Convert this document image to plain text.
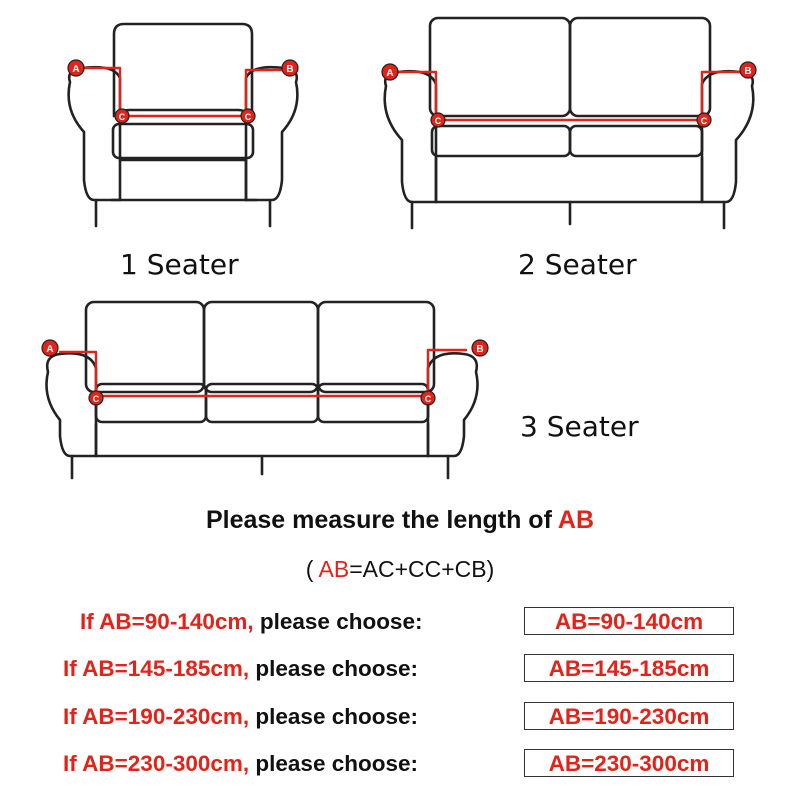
A	B
C	C
A	B
C	C
A	B
C	C
1 Seater	2 Seater
3 Seater
Please measure the length of AB
( AB=AC+CC+CB)
If AB=90-140cm, please choose:	AB=90-140cm
If AB=145-185cm, please choose:	AB=145-185cm
If AB=190-230cm, please choose:	AB=190-230cm
If AB=230-300cm, please choose:	AB=230-300cm
